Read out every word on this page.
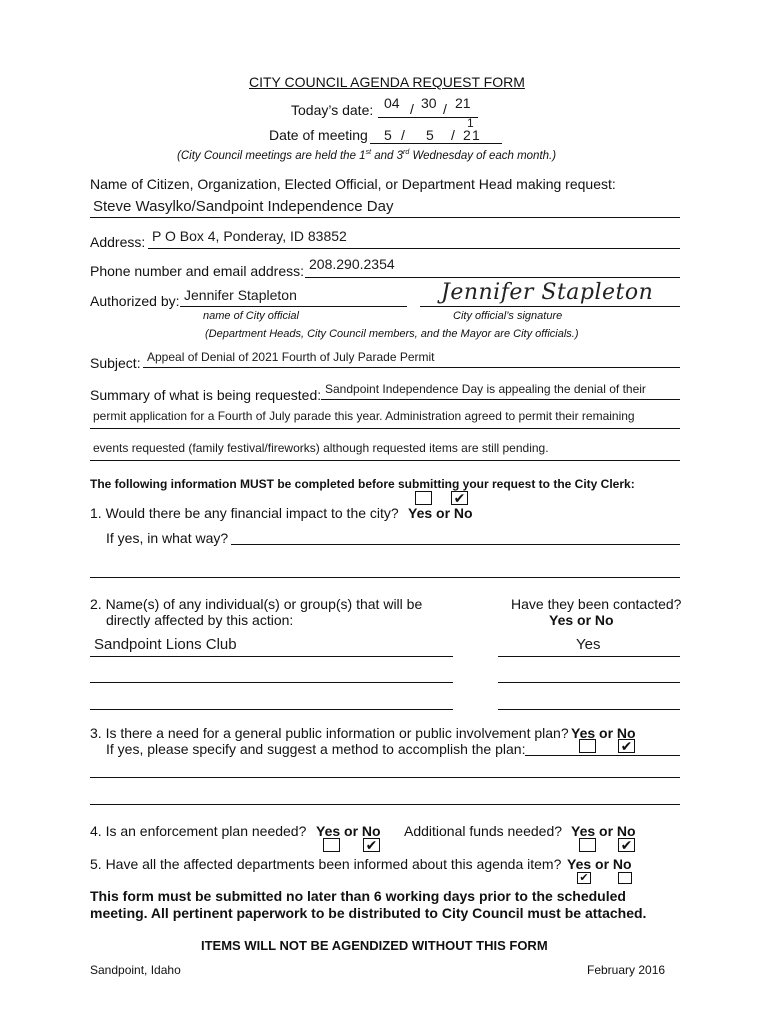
CITY COUNCIL AGENDA REQUEST FORM
Today’s date: 04 / 30 / 21
Date of meeting 5 / 5 / 2 1
1
(City Council meetings are held the 1st and 3rd Wednesday of each month.)
Name of Citizen, Organization, Elected Official, or Department Head making request:
Steve Wasylko/Sandpoint Independence Day
Address: P O Box 4, Ponderay, ID 83852
Phone number and email address: 208.290.2354
Authorized by: Jennifer Stapleton	Jennifer Stapleton
name of City official	City official’s signature
(Department Heads, City Council members, and the Mayor are City officials.)
Subject: Appeal of Denial of 2021 Fourth of July Parade Permit
Summary of what is being requested: Sandpoint Independence Day is appealing the denial of their
permit application for a Fourth of July parade this year. Administration agreed to permit their remaining
events requested (family festival/fireworks) although requested items are still pending.
The following information MUST be completed before submitting your request to the City Clerk:
✔
1. Would there be any financial impact to the city? Yes or No
If yes, in what way?
2. Name(s) of any individual(s) or group(s) that will be
directly affected by this action:
Have they been contacted?
Yes or No
Sandpoint Lions Club	Yes
3. Is there a need for a general public information or public involvement plan? Yes or No
If yes, please specify and suggest a method to accomplish the plan:	✔
4. Is an enforcement plan needed? Yes or No Additional funds needed? Yes or No
✔	✔
5. Have all the affected departments been informed about this agenda item? Yes or No
✔
This form must be submitted no later than 6 working days prior to the scheduled
meeting. All pertinent paperwork to be distributed to City Council must be attached.
ITEMS WILL NOT BE AGENDIZED WITHOUT THIS FORM
Sandpoint, Idaho	February 2016
